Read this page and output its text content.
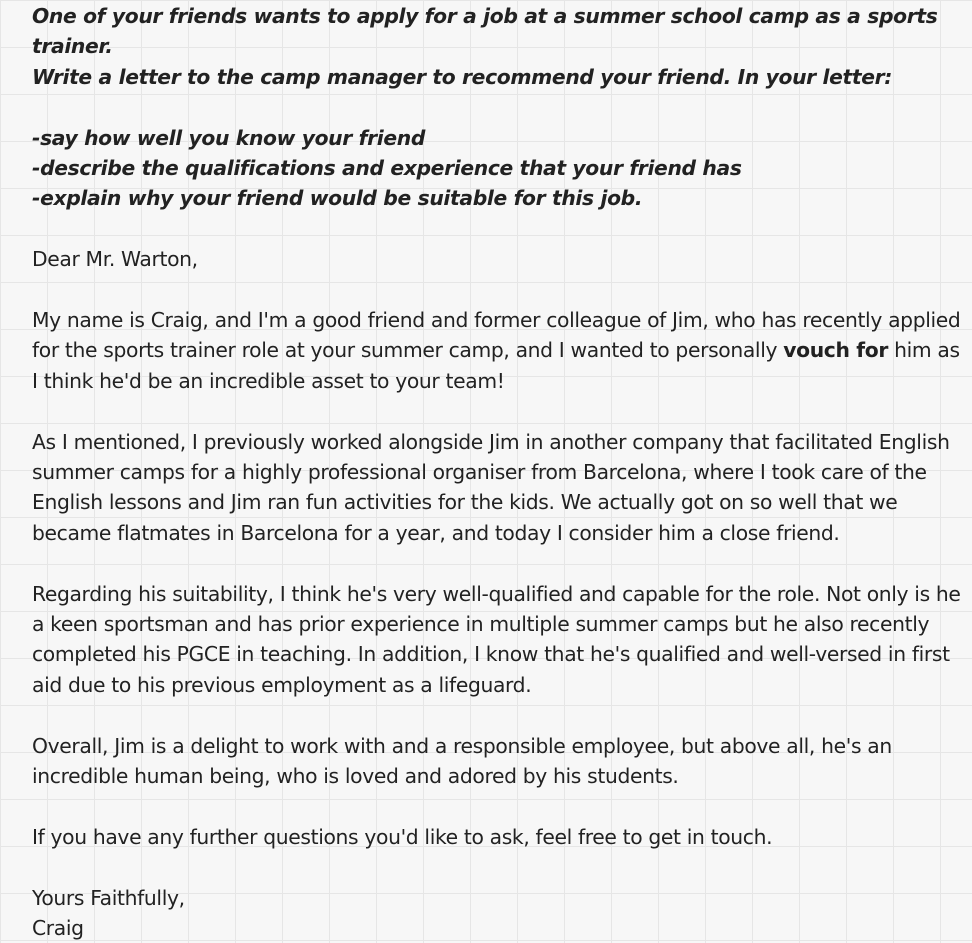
One of your friends wants to apply for a job at a summer school camp as a sports trainer.
Write a letter to the camp manager to recommend your friend. In your letter:
-say how well you know your friend
-describe the qualifications and experience that your friend has
-explain why your friend would be suitable for this job.

Dear Mr. Warton,

My name is Craig, and I'm a good friend and former colleague of Jim, who has recently applied for the sports trainer role at your summer camp, and I wanted to personally vouch for him as I think he'd be an incredible asset to your team!

As I mentioned, I previously worked alongside Jim in another company that facilitated English summer camps for a highly professional organiser from Barcelona, where I took care of the English lessons and Jim ran fun activities for the kids. We actually got on so well that we became flatmates in Barcelona for a year, and today I consider him a close friend.

Regarding his suitability, I think he's very well-qualified and capable for the role. Not only is he a keen sportsman and has prior experience in multiple summer camps but he also recently completed his PGCE in teaching. In addition, I know that he's qualified and well-versed in first aid due to his previous employment as a lifeguard.

Overall, Jim is a delight to work with and a responsible employee, but above all, he's an incredible human being, who is loved and adored by his students.

If you have any further questions you'd like to ask, feel free to get in touch.

Yours Faithfully,
Craig
